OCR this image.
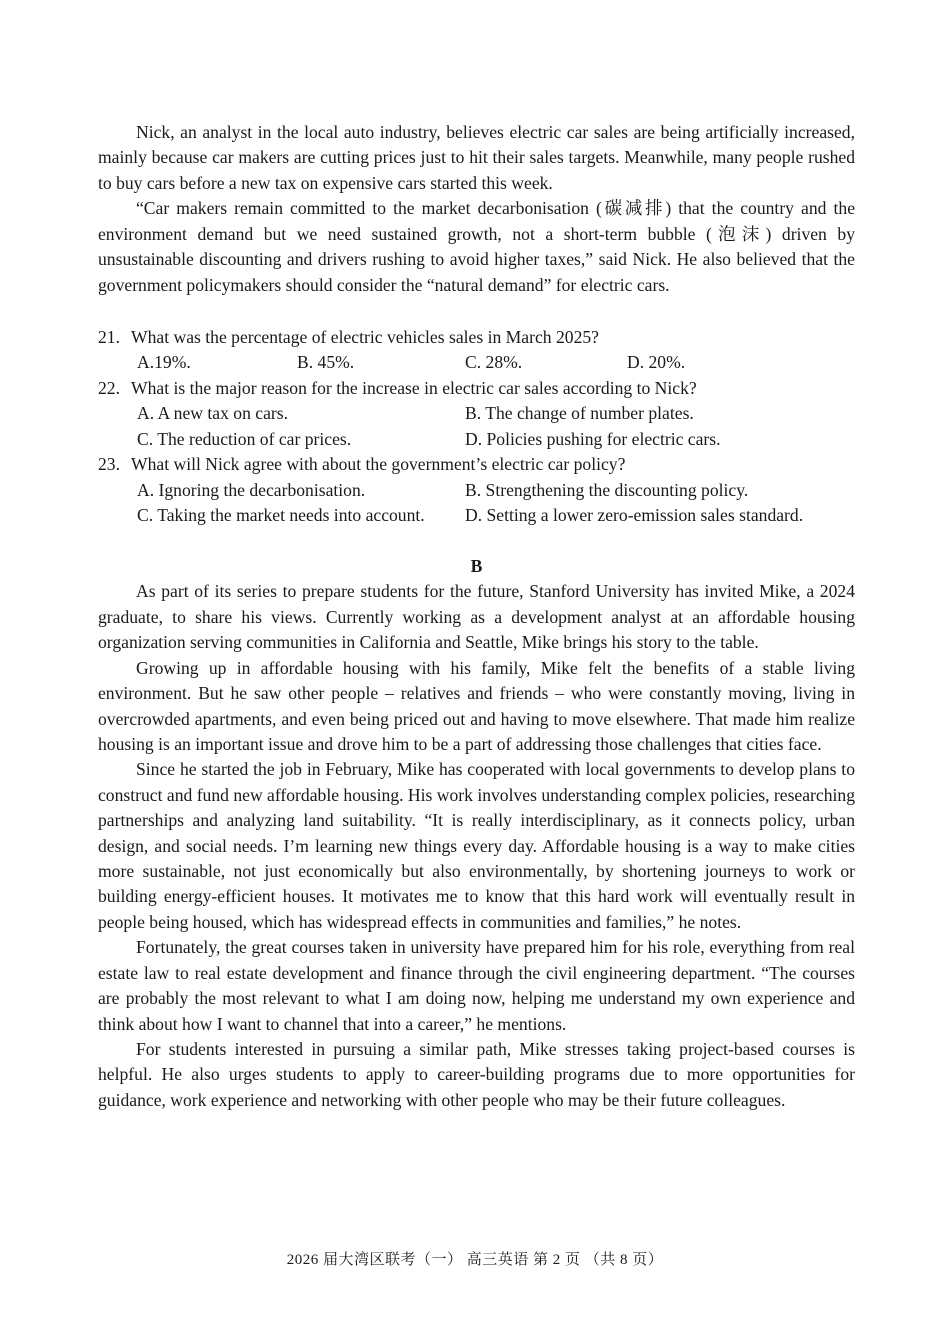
Nick, an analyst in the local auto industry, believes electric car sales are being artificially increased, mainly because car makers are cutting prices just to hit their sales targets. Meanwhile, many people rushed to buy cars before a new tax on expensive cars started this week.

“Car makers remain committed to the market decarbonisation (碳减排) that the country and the environment demand but we need sustained growth, not a short-term bubble (泡沫) driven by unsustainable discounting and drivers rushing to avoid higher taxes,” said Nick. He also believed that the government policymakers should consider the “natural demand” for electric cars.

21. What was the percentage of electric vehicles sales in March 2025?
A.19%.	B. 45%.	C. 28%.	D. 20%.
22. What is the major reason for the increase in electric car sales according to Nick?
A. A new tax on cars.	B. The change of number plates.
C. The reduction of car prices.	D. Policies pushing for electric cars.
23. What will Nick agree with about the government’s electric car policy?
A. Ignoring the decarbonisation.	B. Strengthening the discounting policy.
C. Taking the market needs into account. D. Setting a lower zero-emission sales standard.
B

As part of its series to prepare students for the future, Stanford University has invited Mike, a 2024 graduate, to share his views. Currently working as a development analyst at an affordable housing organization serving communities in California and Seattle, Mike brings his story to the table.

Growing up in affordable housing with his family, Mike felt the benefits of a stable living environment. But he saw other people – relatives and friends – who were constantly moving, living in overcrowded apartments, and even being priced out and having to move elsewhere. That made him realize housing is an important issue and drove him to be a part of addressing those challenges that cities face.

Since he started the job in February, Mike has cooperated with local governments to develop plans to construct and fund new affordable housing. His work involves understanding complex policies, researching partnerships and analyzing land suitability. “It is really interdisciplinary, as it connects policy, urban design, and social needs. I’m learning new things every day. Affordable housing is a way to make cities more sustainable, not just economically but also environmentally, by shortening journeys to work or building energy-efficient houses. It motivates me to know that this hard work will eventually result in people being housed, which has widespread effects in communities and families,” he notes.

Fortunately, the great courses taken in university have prepared him for his role, everything from real estate law to real estate development and finance through the civil engineering department. “The courses are probably the most relevant to what I am doing now, helping me understand my own experience and think about how I want to channel that into a career,” he mentions.

For students interested in pursuing a similar path, Mike stresses taking project-based courses is helpful. He also urges students to apply to career-building programs due to more opportunities for guidance, work experience and networking with other people who may be their future colleagues.

2026 届大湾区联考（一） 高三英语 第 2 页 （共 8 页）
